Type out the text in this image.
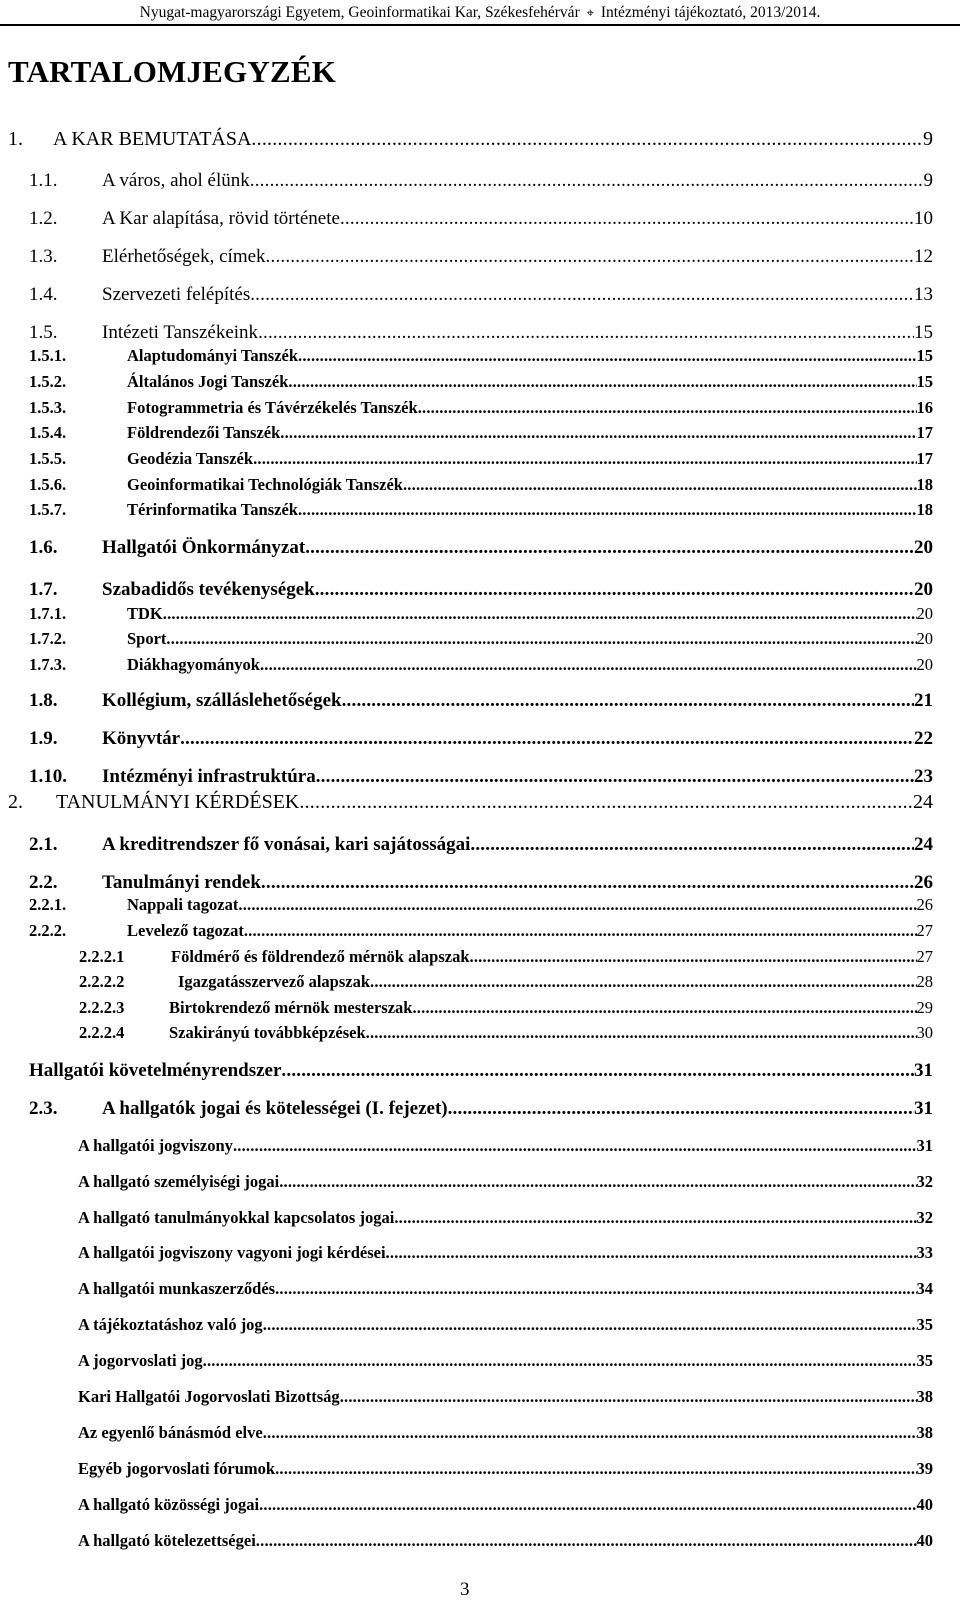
Nyugat-magyarországi Egyetem, Geoinformatikai Kar, Székesfehérvár ⌖ Intézményi tájékoztató, 2013/2014.
TARTALOMJEGYZÉK
1.	A KAR BEMUTATÁSA .....	9
1.1.	A város, ahol élünk .....	9
1.2.	A Kar alapítása, rövid története .....	10
1.3.	Elérhetőségek, címek .....	12
1.4.	Szervezeti felépítés .....	13
1.5.	Intézeti Tanszékeink .....	15
1.5.1.	Alaptudományi Tanszék .....	15
1.5.2.	Általános Jogi Tanszék .....	15
1.5.3.	Fotogrammetria és Távérzékelés Tanszék .....	16
1.5.4.	Földrendezői Tanszék .....	17
1.5.5.	Geodézia Tanszék .....	17
1.5.6.	Geoinformatikai Technológiák Tanszék .....	18
1.5.7.	Térinformatika Tanszék .....	18
1.6.	Hallgatói Önkormányzat .....	20
1.7.	Szabadidős tevékenységek .....	20
1.7.1.	TDK .....	20
1.7.2.	Sport .....	20
1.7.3.	Diákhagyományok .....	20
1.8.	Kollégium, szálláslehetőségek .....	21
1.9.	Könyvtár .....	22
1.10.	Intézményi infrastruktúra .....	23
2.	TANULMÁNYI KÉRDÉSEK .....	24
2.1.	A kreditrendszer fő vonásai, kari sajátosságai .....	24
2.2.	Tanulmányi rendek .....	26
2.2.1.	Nappali tagozat .....	26
2.2.2.	Levelező tagozat .....	27
2.2.2.1	Földmérő és földrendező mérnök alapszak .....	27
2.2.2.2	Igazgatásszervező alapszak .....	28
2.2.2.3	Birtokrendező mérnök mesterszak .....	29
2.2.2.4	Szakirányú továbbképzések .....	30
Hallgatói követelményrendszer .....	31
2.3.	A hallgatók jogai és kötelességei (I. fejezet) .....	31
A hallgatói jogviszony .....	31
A hallgató személyiségi jogai .....	32
A hallgató tanulmányokkal kapcsolatos jogai .....	32
A hallgatói jogviszony vagyoni jogi kérdései .....	33
A hallgatói munkaszerződés .....	34
A tájékoztatáshoz való jog .....	35
A jogorvoslati jog .....	35
Kari Hallgatói Jogorvoslati Bizottság .....	38
Az egyenlő bánásmód elve .....	38
Egyéb jogorvoslati fórumok .....	39
A hallgató közösségi jogai .....	40
A hallgató kötelezettségei .....	40
3
